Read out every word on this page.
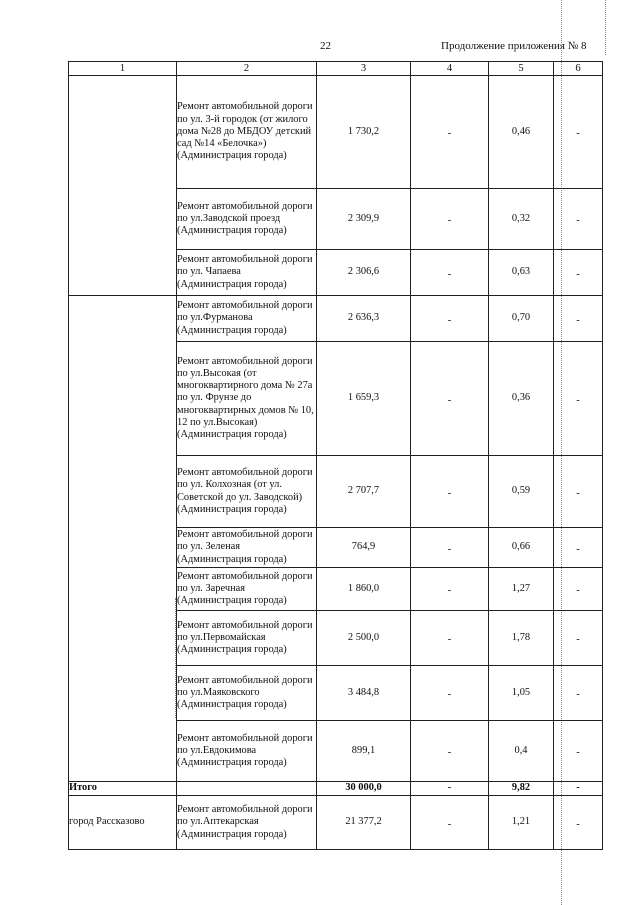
22	Продолжение приложения № 8
1	2	3	4	5	6
	Ремонт автомобильной дороги по ул. 3-й городок (от жилого дома №28 до МБДОУ детский сад №14 «Белочка») (Администрация города)	1 730,2	-	0,46	-

	Ремонт автомобильной дороги по ул.Заводской проезд (Администрация города)	2 309,9	-	0,32	-

	Ремонт автомобильной дороги по ул. Чапаева (Администрация города)	2 306,6	-	0,63	-

	Ремонт автомобильной дороги по ул.Фурманова (Администрация города)	2 636,3	-	0,70	-

	Ремонт автомобильной дороги по ул.Высокая (от многоквартирного дома № 27а по ул. Фрунзе до многоквартирных домов № 10, 12 по ул.Высокая) (Администрация города)	1 659,3	-	0,36	-

	Ремонт автомобильной дороги по ул. Колхозная (от ул. Советской до ул. Заводской) (Администрация города)	2 707,7	-	0,59	-

	Ремонт автомобильной дороги по ул. Зеленая (Администрация города)	764,9	-	0,66	-

	Ремонт автомобильной дороги по ул. Заречная (Администрация города)	1 860,0	-	1,27	-

	Ремонт автомобильной дороги по ул.Первомайская (Администрация города)	2 500,0	-	1,78	-

	Ремонт автомобильной дороги по ул.Маяковского (Администрация города)	3 484,8	-	1,05	-

	Ремонт автомобильной дороги по ул.Евдокимова (Администрация города)	899,1	-	0,4	-

Итого		30 000,0	-	9,82	-
город Рассказово	Ремонт автомобильной дороги по ул.Аптекарская (Администрация города)	21 377,2	-	1,21	-
